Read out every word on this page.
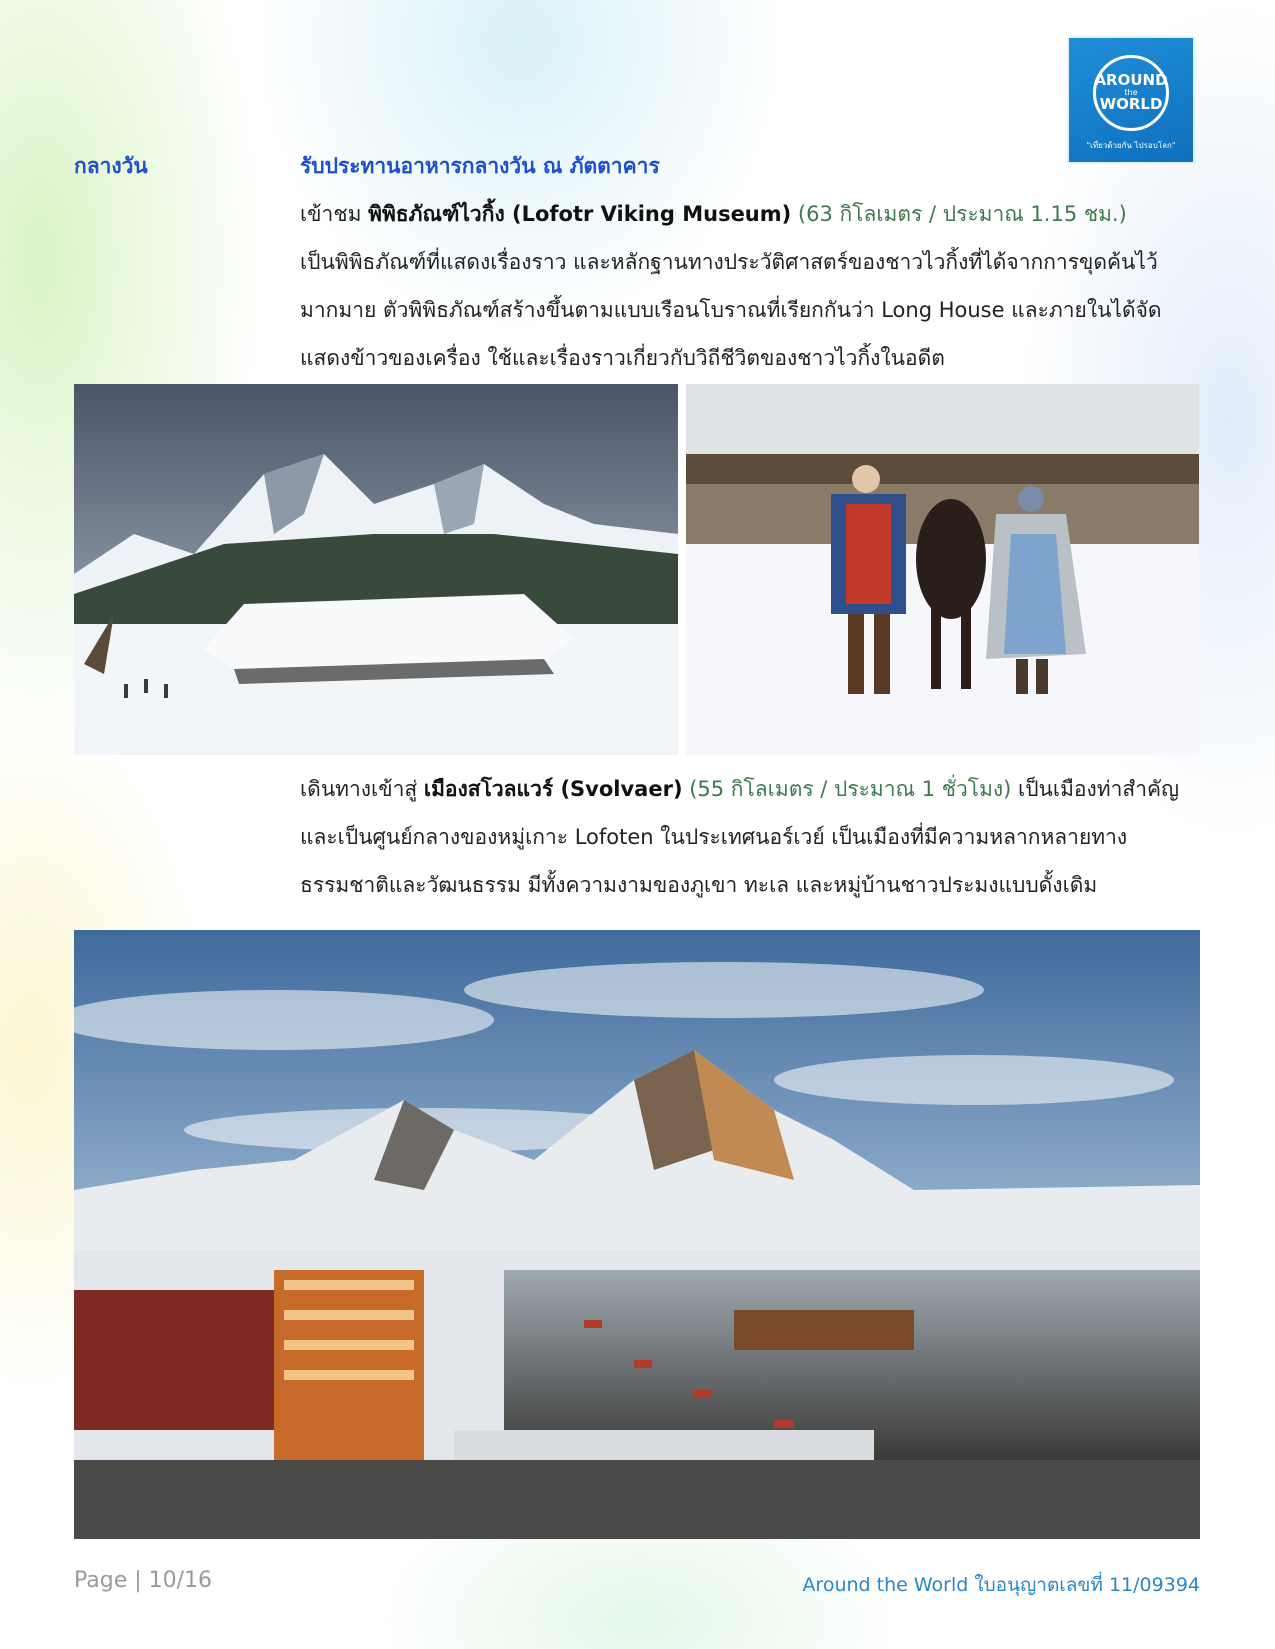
AROUND
the
WORLD
"เที่ยวด้วยกัน ไปรอบโลก"
กลางวัน	รับประทานอาหารกลางวัน ณ ภัตตาคาร
เข้าชม พิพิธภัณฑ์ไวกิ้ง (Lofotr Viking Museum) (63 กิโลเมตร / ประมาณ 1.15 ชม.)
เป็นพิพิธภัณฑ์ที่แสดงเรื่องราว และหลักฐานทางประวัติศาสตร์ของชาวไวกิ้งที่ได้จากการขุดค้นไว้มากมาย ตัวพิพิธภัณฑ์สร้างขึ้นตามแบบเรือนโบราณที่เรียกกันว่า Long House และภายในได้จัดแสดงข้าวของเครื่อง ใช้และเรื่องราวเกี่ยวกับวิถีชีวิตของชาวไวกิ้งในอดีต
เดินทางเข้าสู่ เมืองสโวลแวร์ (Svolvaer) (55 กิโลเมตร / ประมาณ 1 ชั่วโมง) เป็นเมืองท่าสำคัญและเป็นศูนย์กลางของหมู่เกาะ Lofoten ในประเทศนอร์เวย์ เป็นเมืองที่มีความหลากหลายทางธรรมชาติและวัฒนธรรม มีทั้งความงามของภูเขา ทะเล และหมู่บ้านชาวประมงแบบดั้งเดิม
Page | 10/16	Around the World ใบอนุญาตเลขที่ 11/09394
